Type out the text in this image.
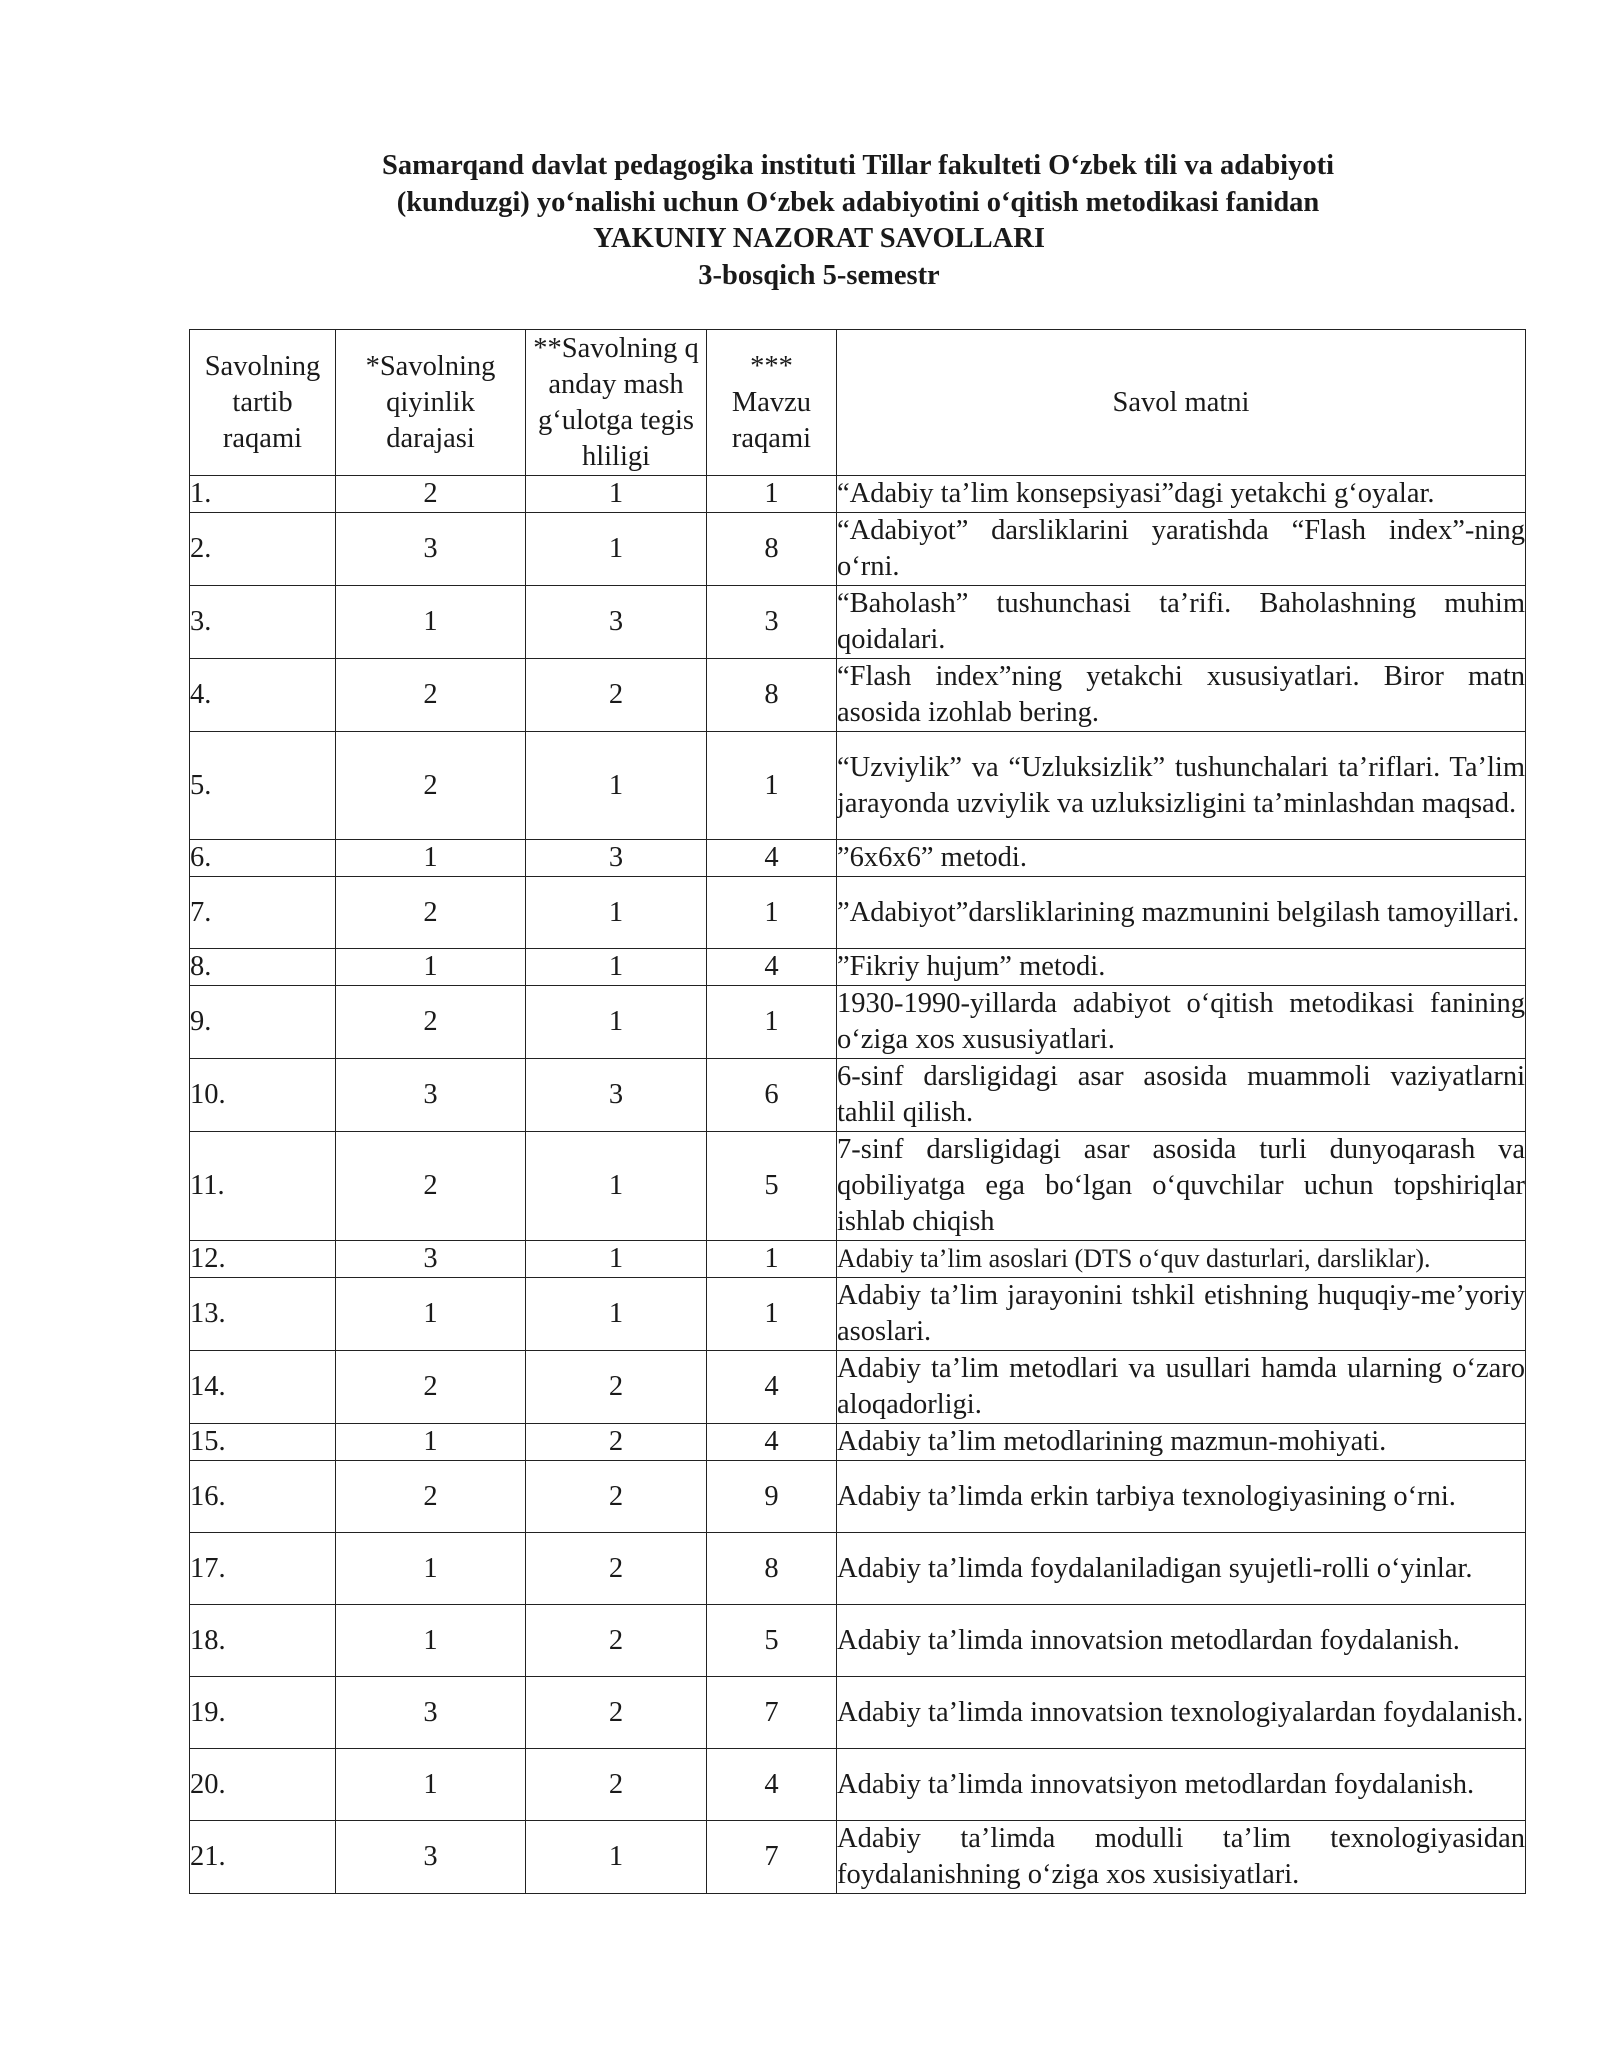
Samarqand davlat pedagogika instituti Tillar fakulteti O‘zbek tili va adabiyoti
(kunduzgi) yo‘nalishi uchun O‘zbek adabiyotini o‘qitish metodikasi fanidan
YAKUNIY NAZORAT SAVOLLARI
3-bosqich 5-semestr
Savolning tartib raqami	*Savolning qiyinlik darajasi	**Savolning qanday mashg‘ulotga tegishliligi	*** Mavzu raqami	Savol matni
1.	2	1	1	“Adabiy ta’lim konsepsiyasi”dagi yetakchi g‘oyalar.

2.	3	1	8	“Adabiyot” darsliklarini yaratishda “Flash index”-ning o‘rni.

3.	1	3	3	“Baholash” tushunchasi ta’rifi. Baholashning muhim qoidalari.

4.	2	2	8	“Flash index”ning yetakchi xususiyatlari. Biror matn asosida izohlab bering.

5.	2	1	1	“Uzviylik” va “Uzluksizlik” tushunchalari ta’riflari. Ta’lim jarayonda uzviylik va uzluksizligini ta’minlashdan maqsad.

6.	1	3	4	”6x6x6” metodi.

7.	2	1	1	”Adabiyot”darsliklarining mazmunini belgilash tamoyillari.

8.	1	1	4	”Fikriy hujum” metodi.

9.	2	1	1	1930-1990-yillarda adabiyot o‘qitish metodikasi fanining o‘ziga xos xususiyatlari.

10.	3	3	6	6-sinf darsligidagi asar asosida muammoli vaziyatlarni tahlil qilish.

11.	2	1	5	7-sinf darsligidagi asar asosida turli dunyoqarash va qobiliyatga ega bo‘lgan o‘quvchilar uchun topshiriqlar ishlab chiqish

12.	3	1	1	Adabiy ta’lim asoslari (DTS o‘quv dasturlari, darsliklar).

13.	1	1	1	Adabiy ta’lim jarayonini tshkil etishning huquqiy-me’yoriy asoslari.

14.	2	2	4	Adabiy ta’lim metodlari va usullari hamda ularning o‘zaro aloqadorligi.

15.	1	2	4	Adabiy ta’lim metodlarining mazmun-mohiyati.

16.	2	2	9	Adabiy ta’limda erkin tarbiya texnologiyasining o‘rni.

17.	1	2	8	Adabiy ta’limda foydalaniladigan syujetli-rolli o‘yinlar.

18.	1	2	5	Adabiy ta’limda innovatsion metodlardan foydalanish.

19.	3	2	7	Adabiy ta’limda innovatsion texnologiyalardan foydalanish.

20.	1	2	4	Adabiy ta’limda innovatsiyon metodlardan foydalanish.

21.	3	1	7	Adabiy ta’limda modulli ta’lim texnologiyasidan foydalanishning o‘ziga xos xusisiyatlari.
